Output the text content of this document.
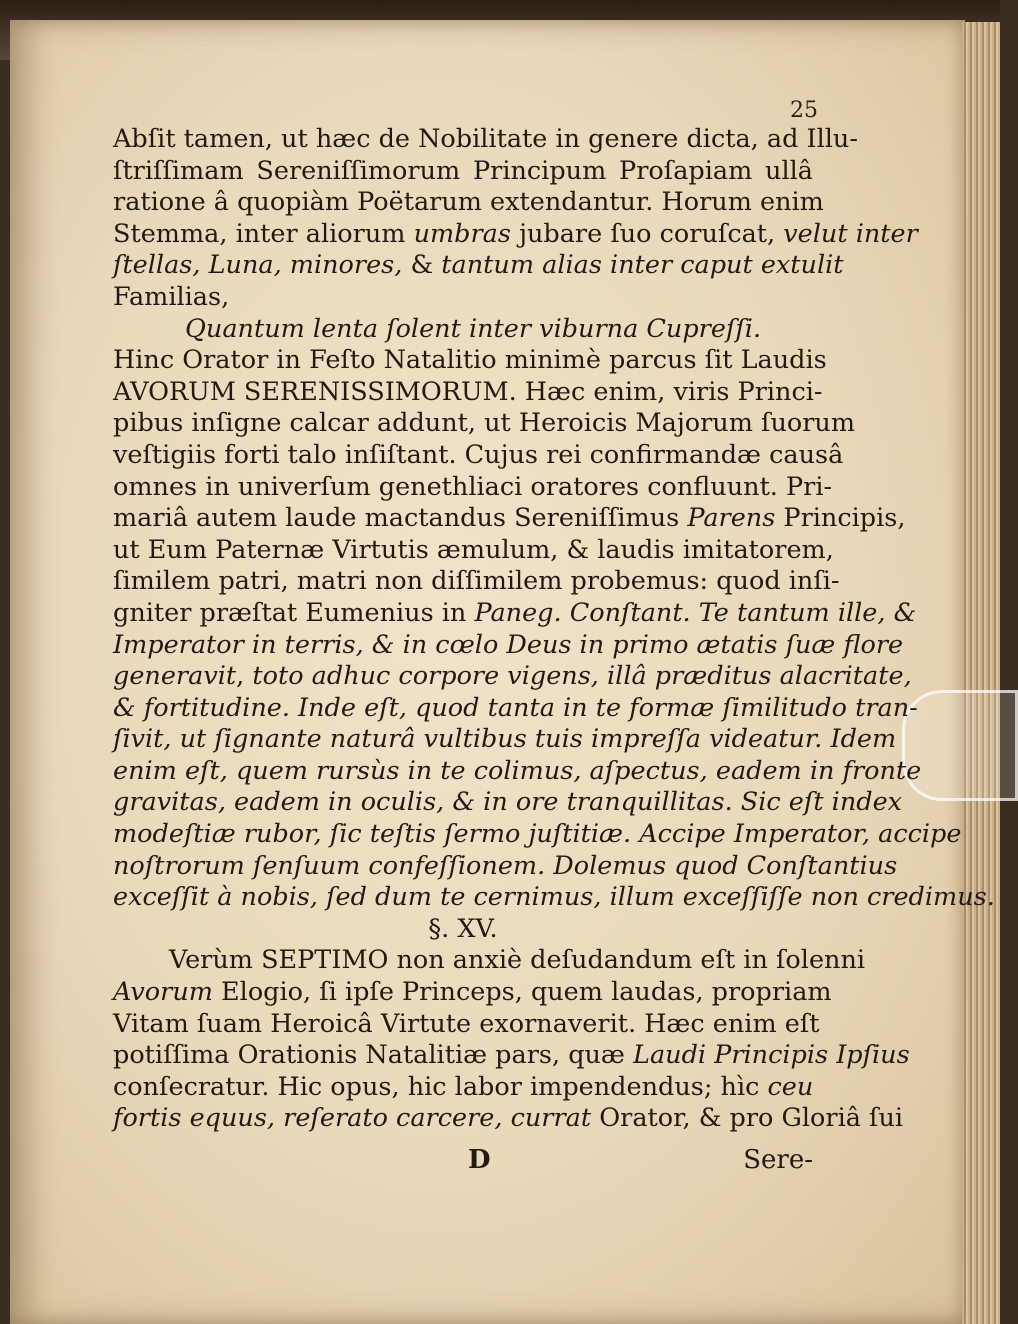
25
Abſit tamen, ut hæc de Nobilitate in genere dicta, ad Illu-
ſtriſſimam Sereniſſimorum Principum Proſapiam ullâ
ratione â quopiàm Poëtarum extendantur. Horum enim
Stemma, inter aliorum umbras jubare ſuo coruſcat, velut inter
ſtellas, Luna, minores, & tantum alias inter caput extulit
Familias,
Quantum lenta ſolent inter viburna Cupreſſi.
Hinc Orator in Feſto Natalitio minimè parcus ſit Laudis
AVORUM SERENISSIMORUM. Hæc enim, viris Princi-
pibus inſigne calcar addunt, ut Heroicis Majorum ſuorum
veſtigiis forti talo inſiſtant. Cujus rei confirmandæ causâ
omnes in univerſum genethliaci oratores confluunt. Pri-
mariâ autem laude mactandus Sereniſſimus Parens Principis,
ut Eum Paternæ Virtutis æmulum, & laudis imitatorem,
ſimilem patri, matri non diſſimilem probemus: quod inſi-
gniter præſtat Eumenius in Paneg. Conſtant. Te tantum ille, &
Imperator in terris, & in cœlo Deus in primo ætatis ſuæ flore
generavit, toto adhuc corpore vigens, illâ præditus alacritate,
& fortitudine. Inde eſt, quod tanta in te formæ ſimilitudo tran-
ſivit, ut ſignante naturâ vultibus tuis impreſſa videatur. Idem
enim eſt, quem rursùs in te colimus, aſpectus, eadem in fronte
gravitas, eadem in oculis, & in ore tranquillitas. Sic eſt index
modeſtiæ rubor, ſic teſtis ſermo juſtitiæ. Accipe Imperator, accipe
noſtrorum ſenſuum confeſſionem. Dolemus quod Conſtantius
exceſſit à nobis, ſed dum te cernimus, illum exceſſiſſe non credimus.
§. XV.
Verùm SEPTIMO non anxiè deſudandum eſt in ſolenni
Avorum Elogio, ſi ipſe Princeps, quem laudas, propriam
Vitam ſuam Heroicâ Virtute exornaverit. Hæc enim eſt
potiſſima Orationis Natalitiæ pars, quæ Laudi Principis Ipſius
conſecratur. Hic opus, hic labor impendendus; hìc ceu
fortis equus, reſerato carcere, currat Orator, & pro Gloriâ ſui
D	Sere-
